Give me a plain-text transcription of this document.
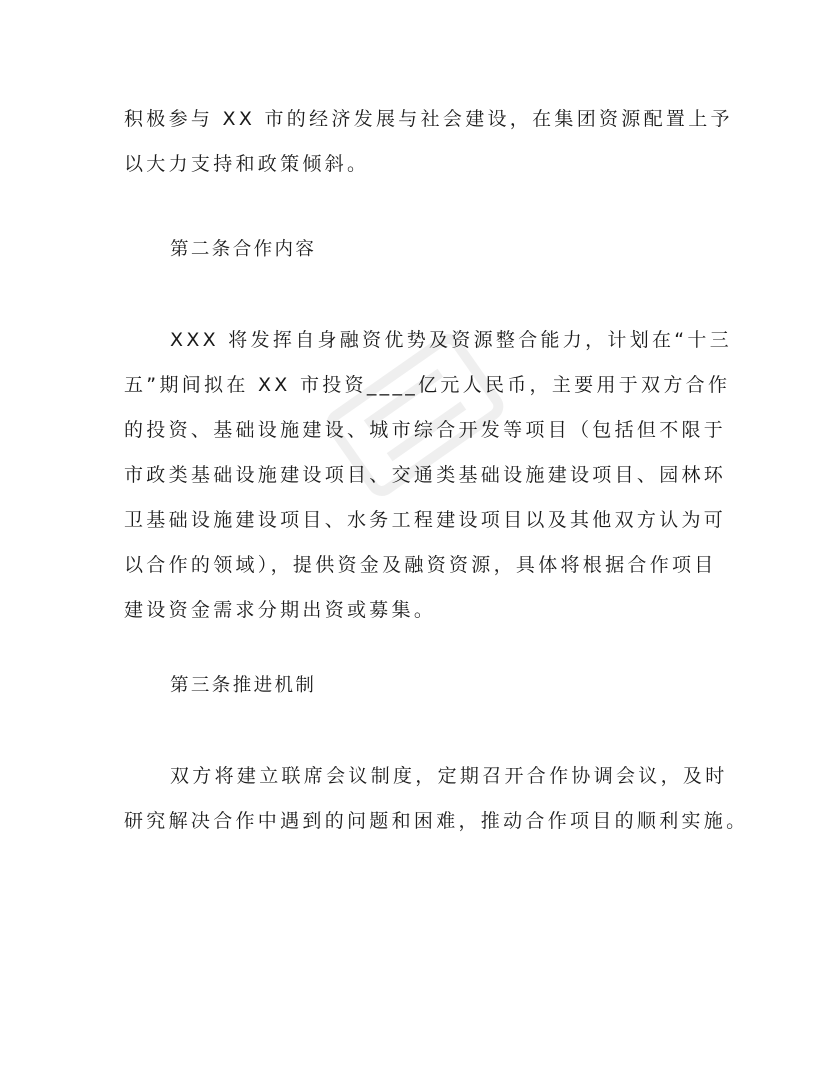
积极参与 XX 市的经济发展与社会建设，在集团资源配置上予
以大力支持和政策倾斜。
第二条合作内容
XXX 将发挥自身融资优势及资源整合能力，计划在“十三
五”期间拟在 XX 市投资____亿元人民币，主要用于双方合作
的投资、基础设施建设、城市综合开发等项目（包括但不限于
市政类基础设施建设项目、交通类基础设施建设项目、园林环
卫基础设施建设项目、水务工程建设项目以及其他双方认为可
以合作的领域），提供资金及融资资源，具体将根据合作项目
建设资金需求分期出资或募集。
第三条推进机制
双方将建立联席会议制度，定期召开合作协调会议，及时
研究解决合作中遇到的问题和困难，推动合作项目的顺利实施。
